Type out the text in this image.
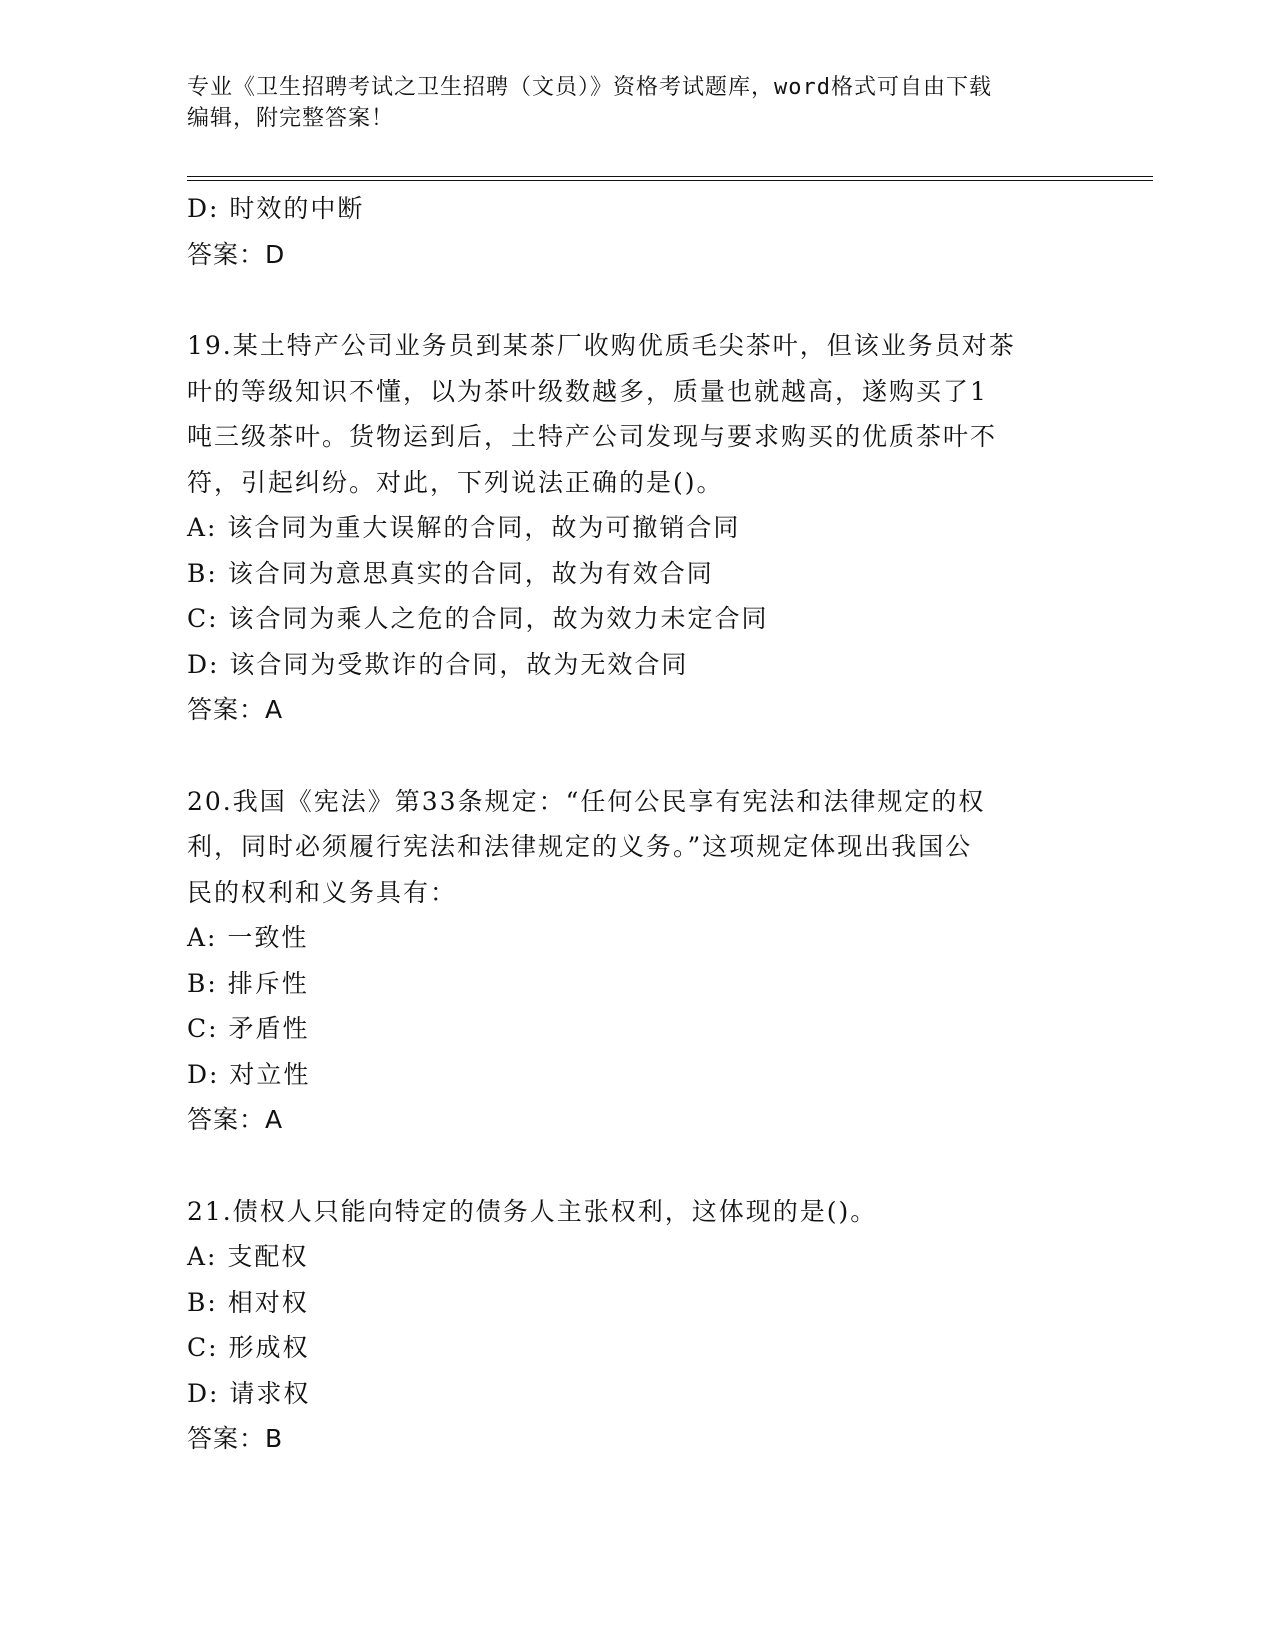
专业《卫生招聘考试之卫生招聘（文员）》资格考试题库，word格式可自由下载
编辑，附完整答案！
D: 时效的中断
答案：D
19.某土特产公司业务员到某茶厂收购优质毛尖茶叶，但该业务员对茶
叶的等级知识不懂，以为茶叶级数越多，质量也就越高，遂购买了1
吨三级茶叶。货物运到后，土特产公司发现与要求购买的优质茶叶不
符，引起纠纷。对此，下列说法正确的是()。
A: 该合同为重大误解的合同，故为可撤销合同
B: 该合同为意思真实的合同，故为有效合同
C: 该合同为乘人之危的合同，故为效力未定合同
D: 该合同为受欺诈的合同，故为无效合同
答案：A
20.我国《宪法》第33条规定：“任何公民享有宪法和法律规定的权
利，同时必须履行宪法和法律规定的义务。”这项规定体现出我国公
民的权利和义务具有：
A: 一致性
B: 排斥性
C: 矛盾性
D: 对立性
答案：A
21.债权人只能向特定的债务人主张权利，这体现的是()。
A: 支配权
B: 相对权
C: 形成权
D: 请求权
答案：B
